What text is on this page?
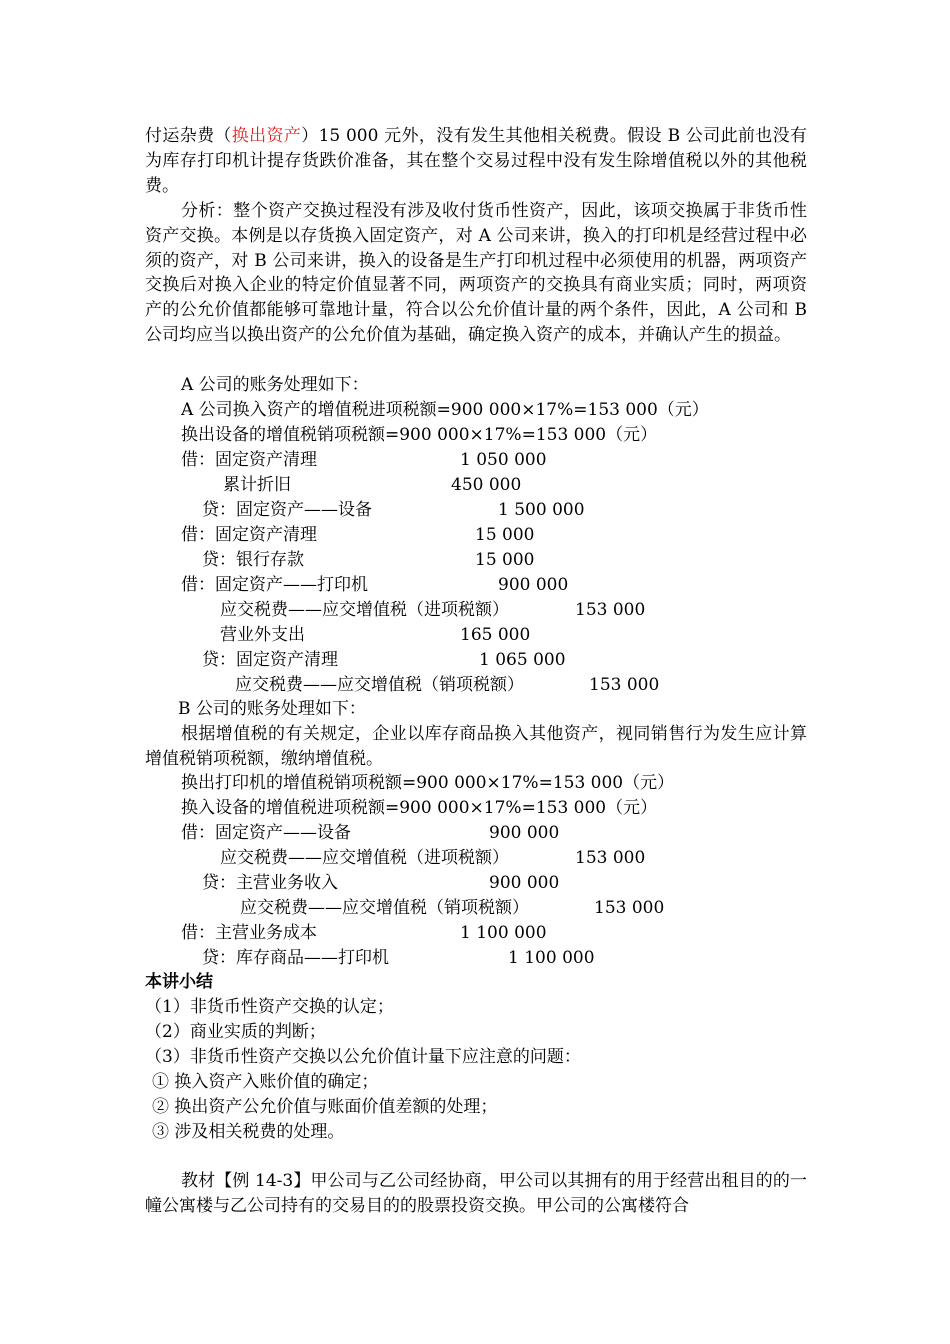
付运杂费（换出资产）15 000 元外，没有发生其他相关税费。假设 B 公司此前也没有为库存打印机计提存货跌价准备，其在整个交易过程中没有发生除增值税以外的其他税费。

分析：整个资产交换过程没有涉及收付货币性资产，因此，该项交换属于非货币性资产交换。本例是以存货换入固定资产，对 A 公司来讲，换入的打印机是经营过程中必须的资产，对 B 公司来讲，换入的设备是生产打印机过程中必须使用的机器，两项资产交换后对换入企业的特定价值显著不同，两项资产的交换具有商业实质；同时，两项资产的公允价值都能够可靠地计量，符合以公允价值计量的两个条件，因此，A 公司和 B 公司均应当以换出资产的公允价值为基础，确定换入资产的成本，并确认产生的损益。

A 公司的账务处理如下：

A 公司换入资产的增值税进项税额=900 000×17%=153 000（元）

换出设备的增值税销项税额=900 000×17%=153 000（元）

借：固定资产清理	1 050 000
累计折旧	450 000
贷：固定资产——设备	1 500 000
借：固定资产清理	15 000
贷：银行存款	15 000
借：固定资产——打印机	900 000
应交税费——应交增值税（进项税额）	153 000
营业外支出	165 000
贷：固定资产清理	1 065 000
应交税费——应交增值税（销项税额）	153 000

B 公司的账务处理如下：

根据增值税的有关规定，企业以库存商品换入其他资产，视同销售行为发生应计算增值税销项税额，缴纳增值税。

换出打印机的增值税销项税额=900 000×17%=153 000（元）

换入设备的增值税进项税额=900 000×17%=153 000（元）

借：固定资产——设备	900 000
应交税费——应交增值税（进项税额）	153 000
贷：主营业务收入	900 000
应交税费——应交增值税（销项税额）	153 000
借：主营业务成本	1 100 000
贷：库存商品——打印机	1 100 000

本讲小结

（1）非货币性资产交换的认定；

（2）商业实质的判断；

（3）非货币性资产交换以公允价值计量下应注意的问题：

① 换入资产入账价值的确定；

② 换出资产公允价值与账面价值差额的处理；

③ 涉及相关税费的处理。

教材【例 14-3】甲公司与乙公司经协商，甲公司以其拥有的用于经营出租目的的一幢公寓楼与乙公司持有的交易目的的股票投资交换。甲公司的公寓楼符合
